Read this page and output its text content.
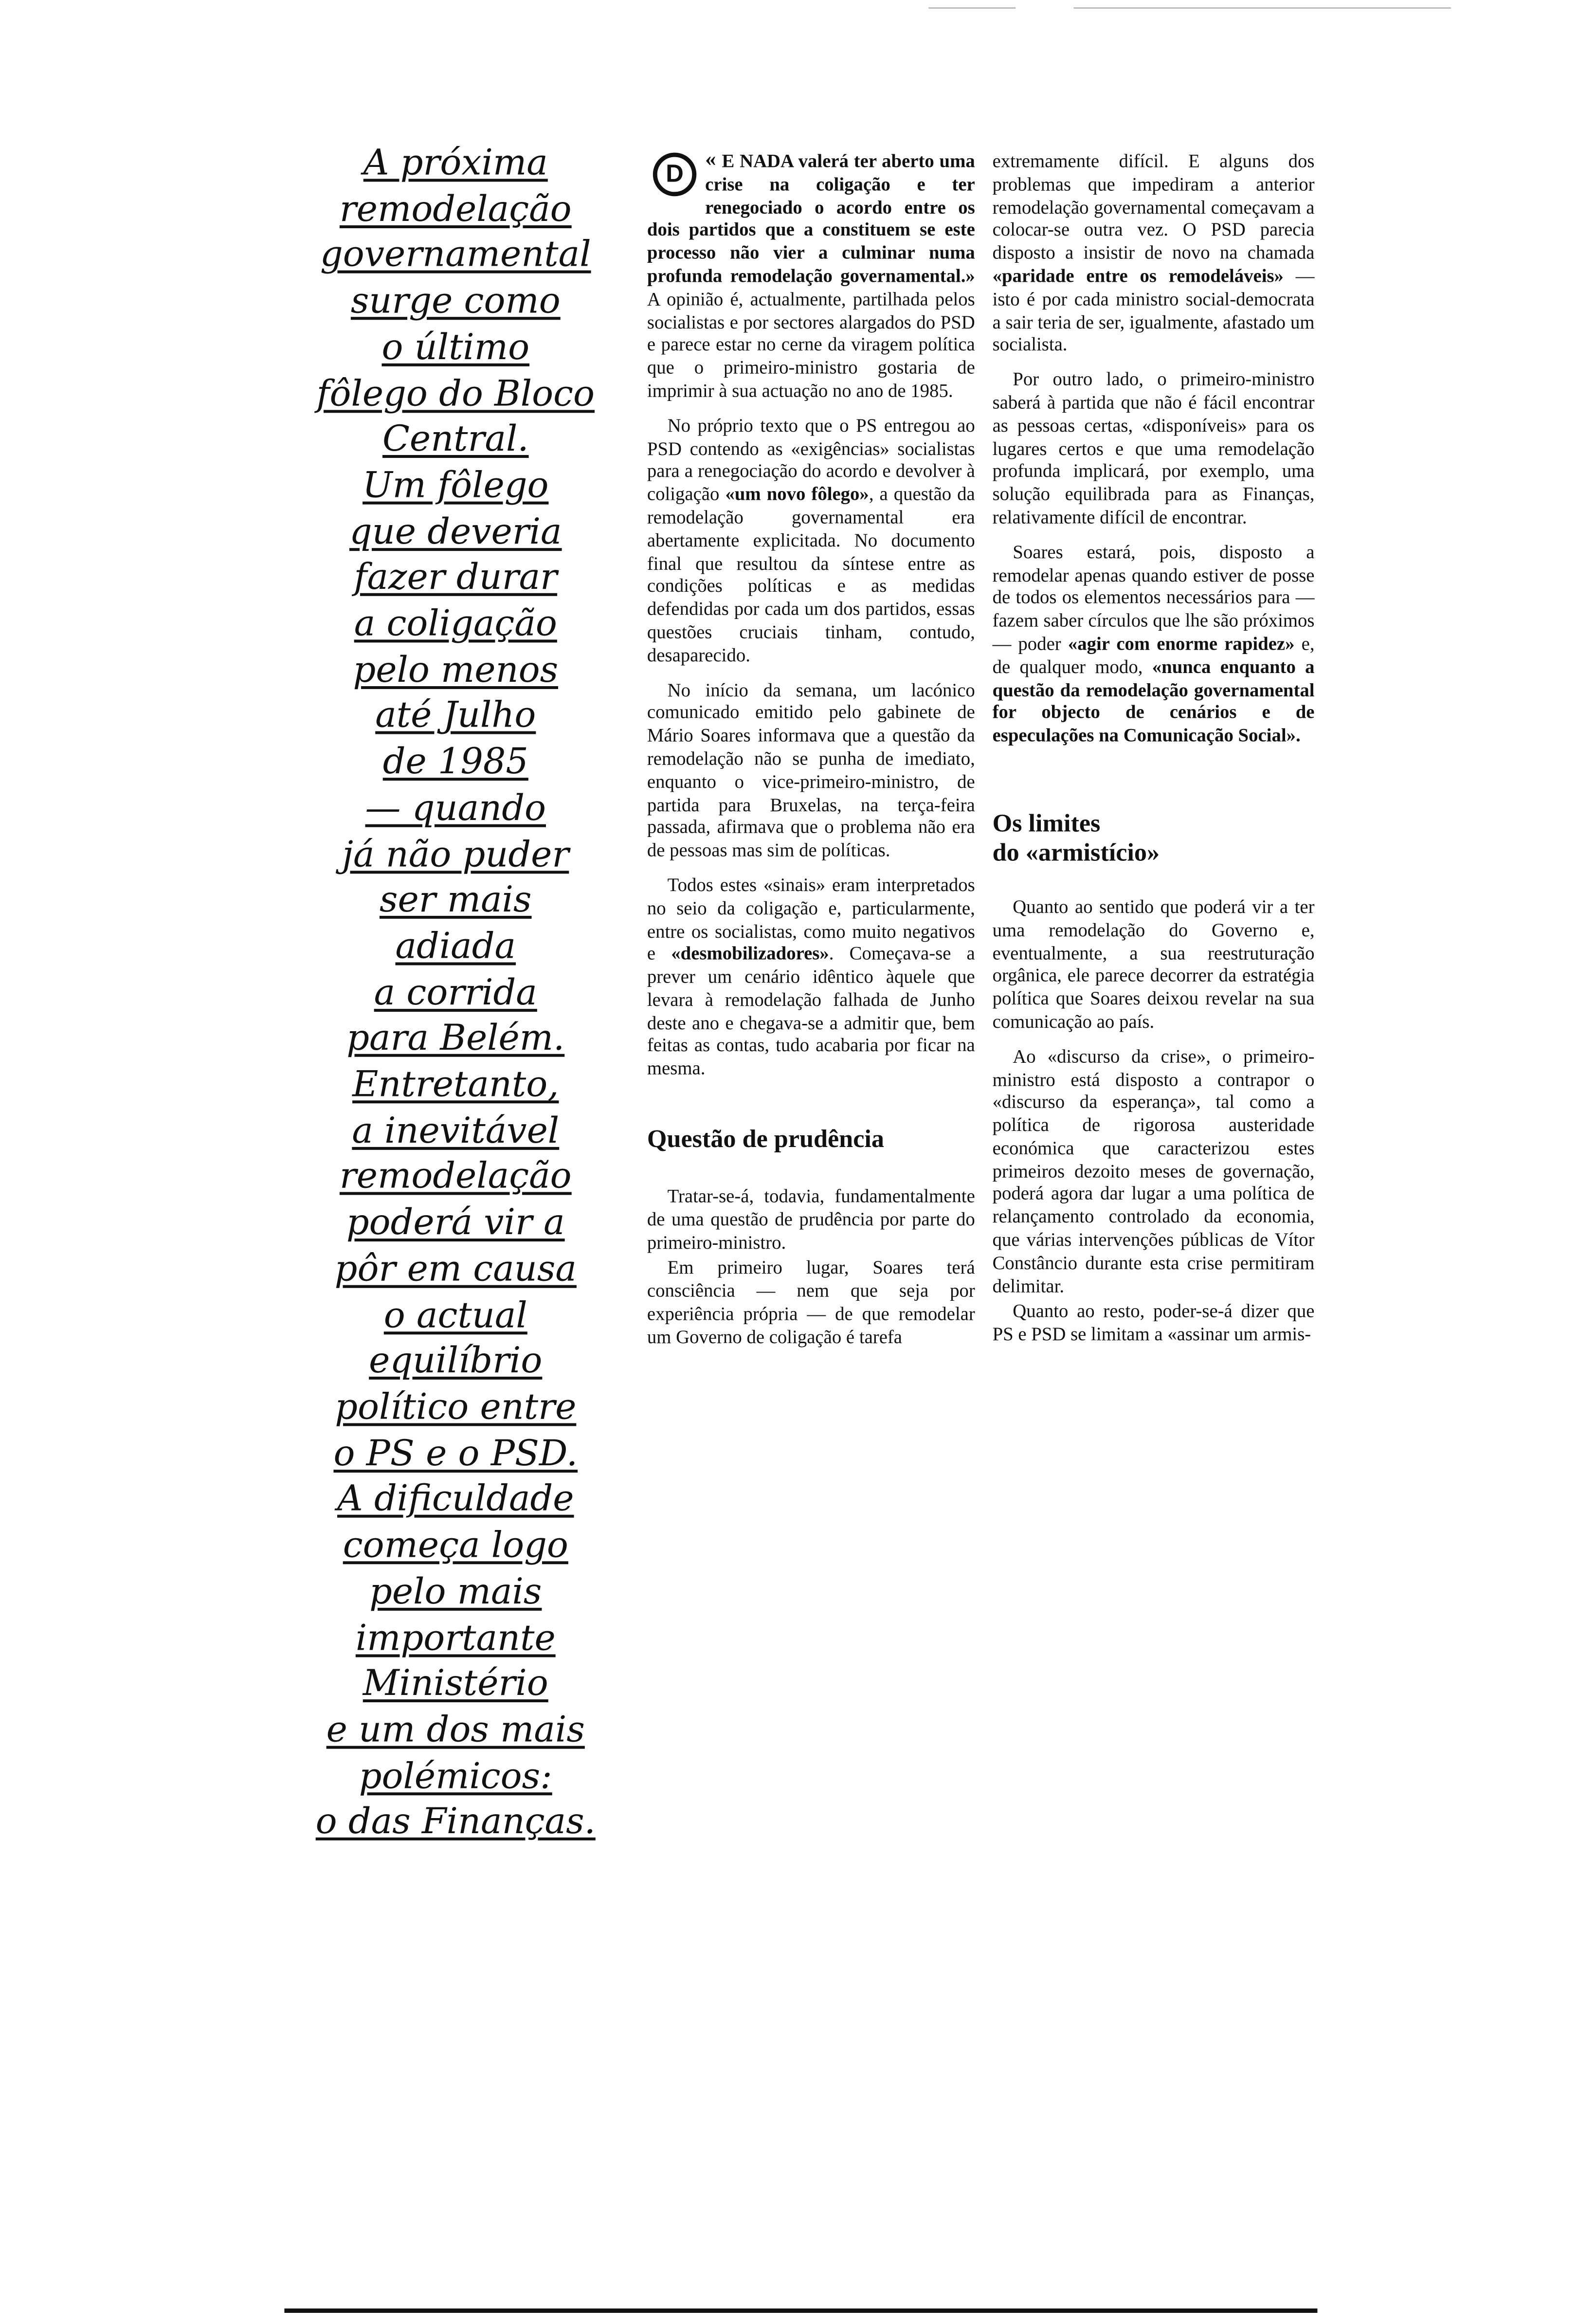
A próxima
remodelação
governamental
surge como
o último
fôlego do Bloco
Central.
Um fôlego
que deveria
fazer durar
a coligação
pelo menos
até Julho
de 1985
— quando
já não puder
ser mais
adiada
a corrida
para Belém.
Entretanto,
a inevitável
remodelação
poderá vir a
pôr em causa
o actual
equilíbrio
político entre
o PS e o PSD.
A dificuldade
começa logo
pelo mais
importante
Ministério
e um dos mais
polémicos:
o das Finanças.

«
D	E NADA valerá ter aberto uma crise na coligação e ter renegociado o acordo entre os dois partidos que a constituem se este processo não vier a culminar numa profunda remodelação governamental.» A opinião é, actualmente, partilhada pelos socialistas e por sectores alargados do PSD e parece estar no cerne da viragem política que o primeiro-ministro gostaria de imprimir à sua actuação no ano de 1985.

No próprio texto que o PS entregou ao PSD contendo as «exigências» socialistas para a renegociação do acordo e devolver à coligação «um novo fôlego», a questão da remodelação governamental era abertamente explicitada. No documento final que resultou da síntese entre as condições políticas e as medidas defendidas por cada um dos partidos, essas questões cruciais tinham, contudo, desaparecido.

No início da semana, um lacónico comunicado emitido pelo gabinete de Mário Soares informava que a questão da remodelação não se punha de imediato, enquanto o vice-primeiro-ministro, de partida para Bruxelas, na terça-feira passada, afirmava que o problema não era de pessoas mas sim de políticas.

Todos estes «sinais» eram interpretados no seio da coligação e, particularmente, entre os socialistas, como muito negativos e «desmobilizadores». Começava-se a prever um cenário idêntico àquele que levara à remodelação falhada de Junho deste ano e chegava-se a admitir que, bem feitas as contas, tudo acabaria por ficar na mesma.

Questão de prudência

Tratar-se-á, todavia, fundamentalmente de uma questão de prudência por parte do primeiro-ministro.

Em primeiro lugar, Soares terá consciência — nem que seja por experiência própria — de que remodelar um Governo de coligação é tarefa

extremamente difícil. E alguns dos problemas que impediram a anterior remodelação governamental começavam a colocar-se outra vez. O PSD parecia disposto a insistir de novo na chamada «paridade entre os remodeláveis» — isto é por cada ministro social-democrata a sair teria de ser, igualmente, afastado um socialista.

Por outro lado, o primeiro-ministro saberá à partida que não é fácil encontrar as pessoas certas, «disponíveis» para os lugares certos e que uma remodelação profunda implicará, por exemplo, uma solução equilibrada para as Finanças, relativamente difícil de encontrar.

Soares estará, pois, disposto a remodelar apenas quando estiver de posse de todos os elementos necessários para — fazem saber círculos que lhe são próximos — poder «agir com enorme rapidez» e, de qualquer modo, «nunca enquanto a questão da remodelação governamental for objecto de cenários e de especulações na Comunicação Social».

Os limites
do «armistício»

Quanto ao sentido que poderá vir a ter uma remodelação do Governo e, eventualmente, a sua reestruturação orgânica, ele parece decorrer da estratégia política que Soares deixou revelar na sua comunicação ao país.

Ao «discurso da crise», o primeiro-ministro está disposto a contrapor o «discurso da esperança», tal como a política de rigorosa austeridade económica que caracterizou estes primeiros dezoito meses de governação, poderá agora dar lugar a uma política de relançamento controlado da economia, que várias intervenções públicas de Vítor Constâncio durante esta crise permitiram delimitar.

Quanto ao resto, poder-se-á dizer que PS e PSD se limitam a «assinar um armis-
